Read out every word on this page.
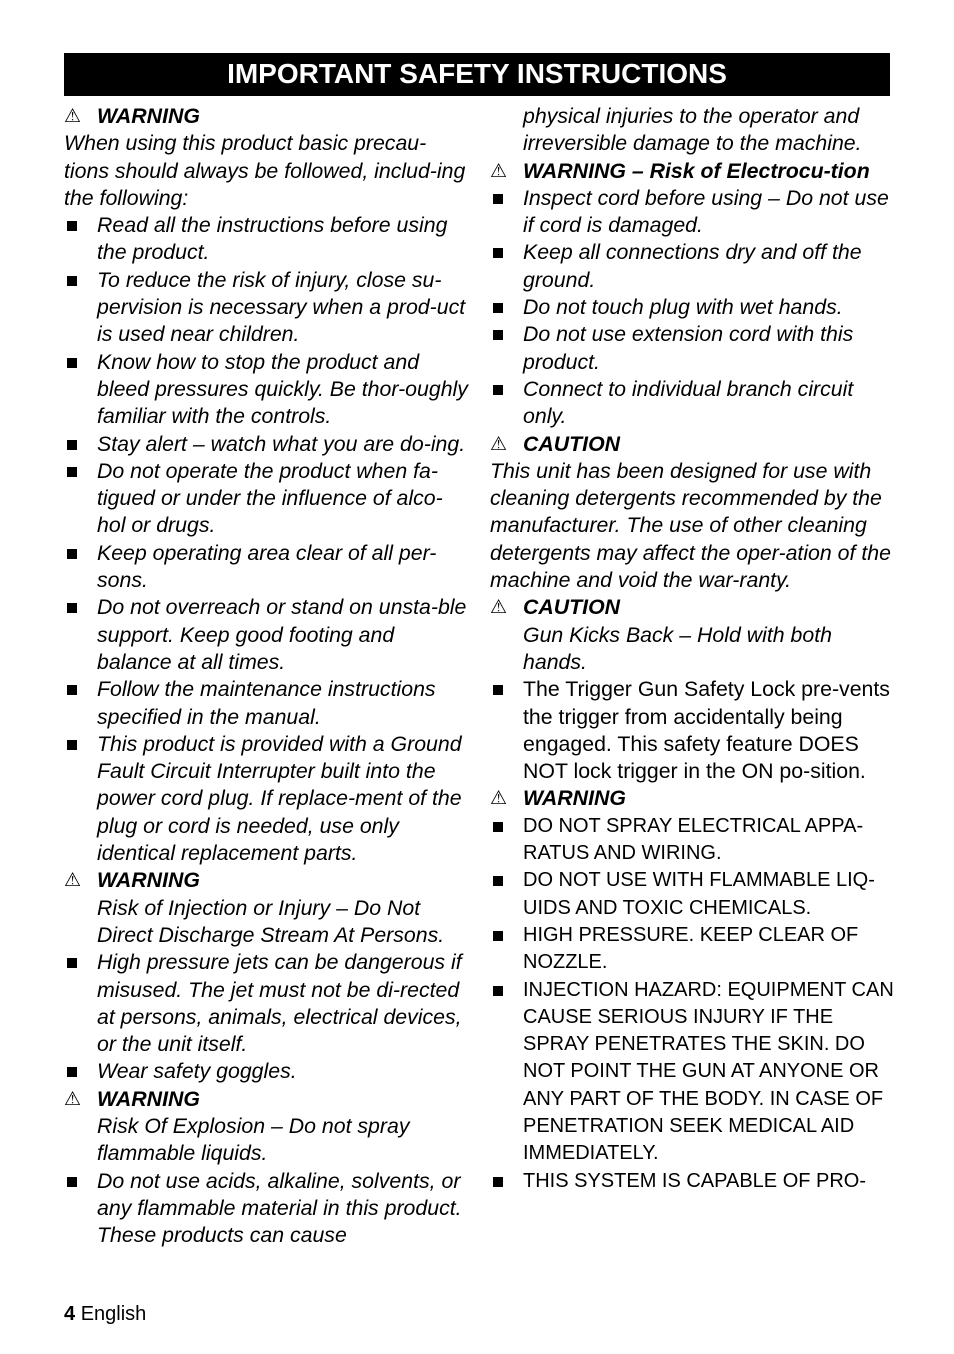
IMPORTANT SAFETY INSTRUCTIONS
⚠ WARNING

When using this product basic precau-tions should always be followed, includ-ing the following:

Read all the instructions before using the product.

To reduce the risk of injury, close su-pervision is necessary when a prod-uct is used near children.

Know how to stop the product and bleed pressures quickly. Be thor-oughly familiar with the controls.

Stay alert – watch what you are do-ing.

Do not operate the product when fa-tigued or under the influence of alco-hol or drugs.

Keep operating area clear of all per-sons.

Do not overreach or stand on unsta-ble support. Keep good footing and balance at all times.

Follow the maintenance instructions specified in the manual.

This product is provided with a Ground Fault Circuit Interrupter built into the power cord plug. If replace-ment of the plug or cord is needed, use only identical replacement parts.

⚠ WARNING

Risk of Injection or Injury – Do Not Direct Discharge Stream At Persons.

High pressure jets can be dangerous if misused. The jet must not be di-rected at persons, animals, electrical devices, or the unit itself.

Wear safety goggles.

⚠ WARNING

Risk Of Explosion – Do not spray flammable liquids.

Do not use acids, alkaline, solvents, or any flammable material in this product. These products can cause

physical injuries to the operator and irreversible damage to the machine.

⚠ WARNING – Risk of Electrocu-tion

Inspect cord before using – Do not use if cord is damaged.

Keep all connections dry and off the ground.

Do not touch plug with wet hands.

Do not use extension cord with this product.

Connect to individual branch circuit only.

⚠ CAUTION

This unit has been designed for use with cleaning detergents recommended by the manufacturer. The use of other cleaning detergents may affect the oper-ation of the machine and void the war-ranty.

⚠ CAUTION

Gun Kicks Back – Hold with both hands.

The Trigger Gun Safety Lock pre-vents the trigger from accidentally being engaged. This safety feature DOES NOT lock trigger in the ON po-sition.

⚠ WARNING

DO NOT SPRAY ELECTRICAL APPA-RATUS AND WIRING.

DO NOT USE WITH FLAMMABLE LIQ-UIDS AND TOXIC CHEMICALS.

HIGH PRESSURE. KEEP CLEAR OF NOZZLE.

INJECTION HAZARD: EQUIPMENT CAN CAUSE SERIOUS INJURY IF THE SPRAY PENETRATES THE SKIN. DO NOT POINT THE GUN AT ANYONE OR ANY PART OF THE BODY. IN CASE OF PENETRATION SEEK MEDICAL AID IMMEDIATELY.

THIS SYSTEM IS CAPABLE OF PRO-

4 English
